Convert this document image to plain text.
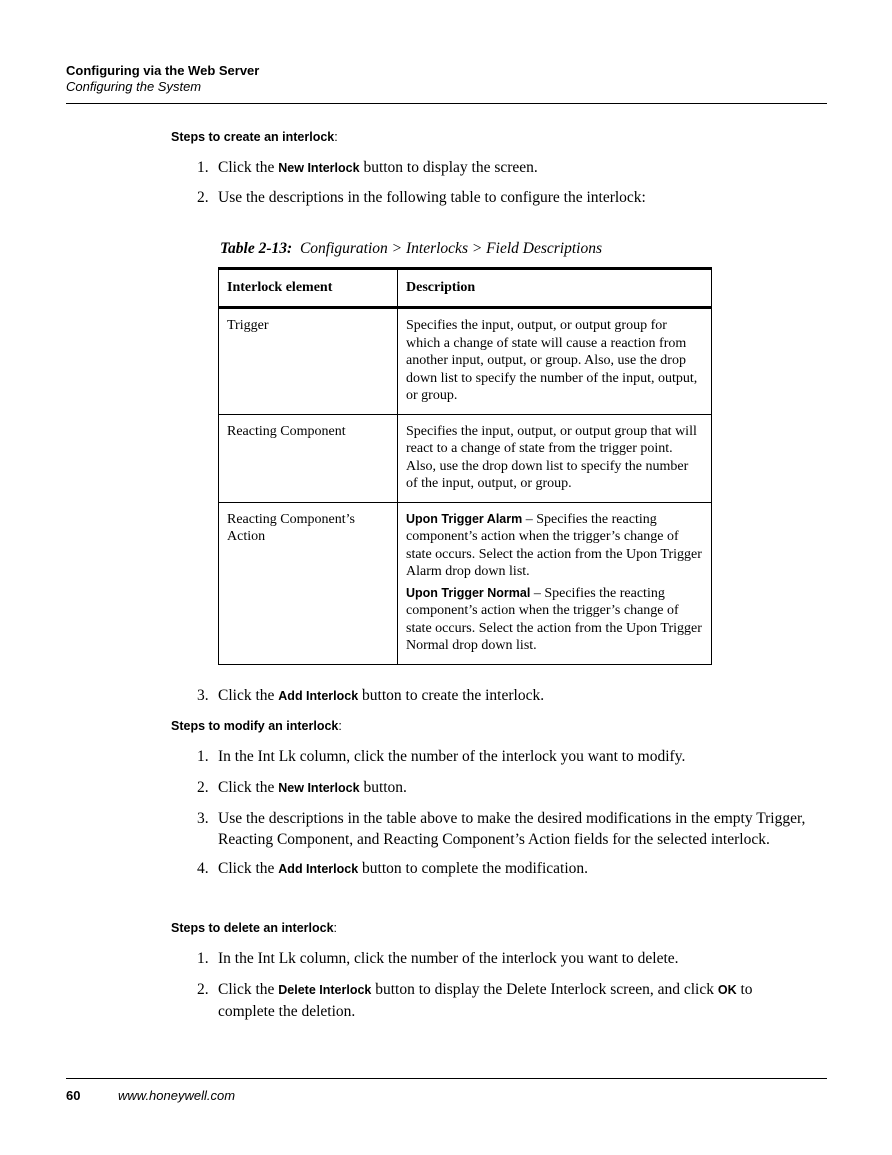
Configuring via the Web Server
Configuring the System
Steps to create an interlock:
1. Click the New Interlock button to display the screen.
2. Use the descriptions in the following table to configure the interlock:
Table 2-13: Configuration > Interlocks > Field Descriptions
Interlock element	Description
Trigger	Specifies the input, output, or output group for which a change of state will cause a reaction from another input, output, or group. Also, use the drop down list to specify the number of the input, output, or group.
Reacting Component	Specifies the input, output, or output group that will react to a change of state from the trigger point. Also, use the drop down list to specify the number of the input, output, or group.
Reacting Component’s Action	Upon Trigger Alarm – Specifies the reacting component’s action when the trigger’s change of state occurs. Select the action from the Upon Trigger Alarm drop down list.
Upon Trigger Normal – Specifies the reacting component’s action when the trigger’s change of state occurs. Select the action from the Upon Trigger Normal drop down list.
3. Click the Add Interlock button to create the interlock.
Steps to modify an interlock:
1. In the Int Lk column, click the number of the interlock you want to modify.
2. Click the New Interlock button.
3. Use the descriptions in the table above to make the desired modifications in the empty Trigger, Reacting Component, and Reacting Component’s Action fields for the selected interlock.
4. Click the Add Interlock button to complete the modification.
Steps to delete an interlock:
1. In the Int Lk column, click the number of the interlock you want to delete.
2. Click the Delete Interlock button to display the Delete Interlock screen, and click OK to complete the deletion.
60	www.honeywell.com
